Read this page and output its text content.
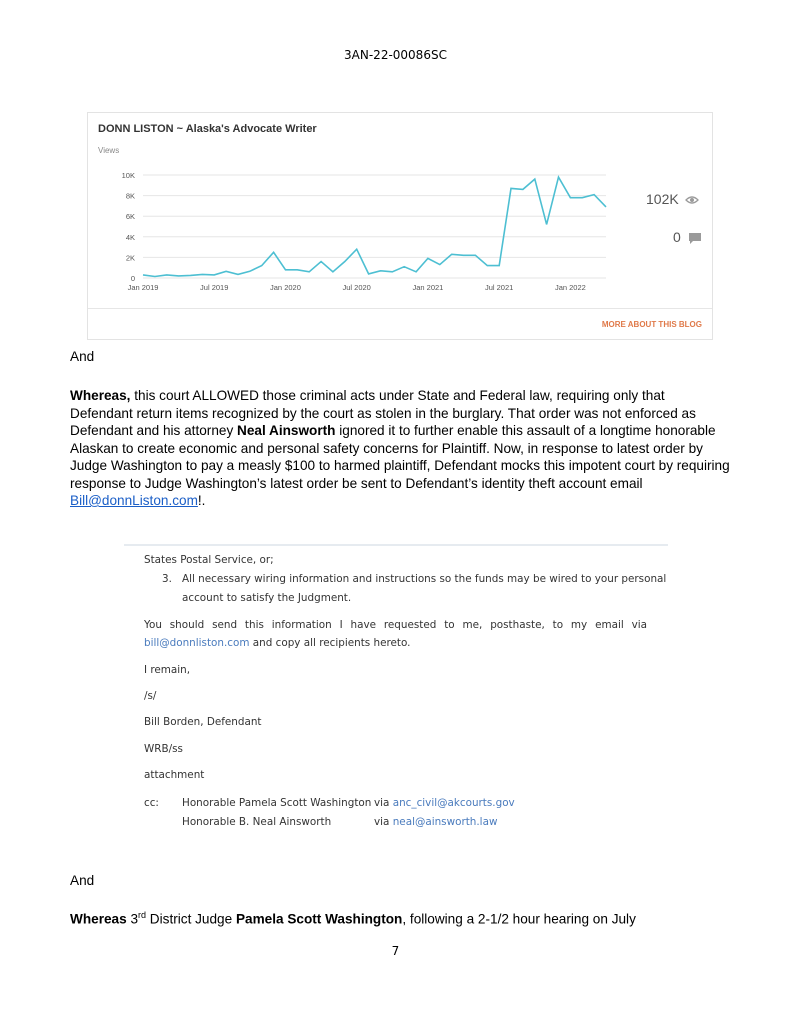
3AN-22-00086SC
DONN LISTON ~ Alaska's Advocate Writer
Views
0
2K
4K
6K
8K
10K
Jan 2019	Jul 2019	Jan 2020	Jul 2020	Jan 2021	Jul 2021	Jan 2022
102K
0
MORE ABOUT THIS BLOG
And
Whereas, this court ALLOWED those criminal acts under State and Federal law, requiring only that Defendant return items recognized by the court as stolen in the burglary. That order was not enforced as Defendant and his attorney Neal Ainsworth ignored it to further enable this assault of a longtime honorable Alaskan to create economic and personal safety concerns for Plaintiff. Now, in response to latest order by Judge Washington to pay a measly $100 to harmed plaintiff, Defendant mocks this impotent court by requiring response to Judge Washington’s latest order be sent to Defendant’s identity theft account email Bill@donnListon.com!.
States Postal Service, or;
3. All necessary wiring information and instructions so the funds may be wired to your personal
account to satisfy the Judgment.
You should send this information I have requested to me, posthaste, to my email via
bill@donnliston.com and copy all recipients hereto.
I remain,
/s/
Bill Borden, Defendant
WRB/ss
attachment
cc: Honorable Pamela Scott Washington via anc_civil@akcourts.gov
Honorable B. Neal Ainsworth	via neal@ainsworth.law
And
Whereas 3rd District Judge Pamela Scott Washington, following a 2-1/2 hour hearing on July
7
